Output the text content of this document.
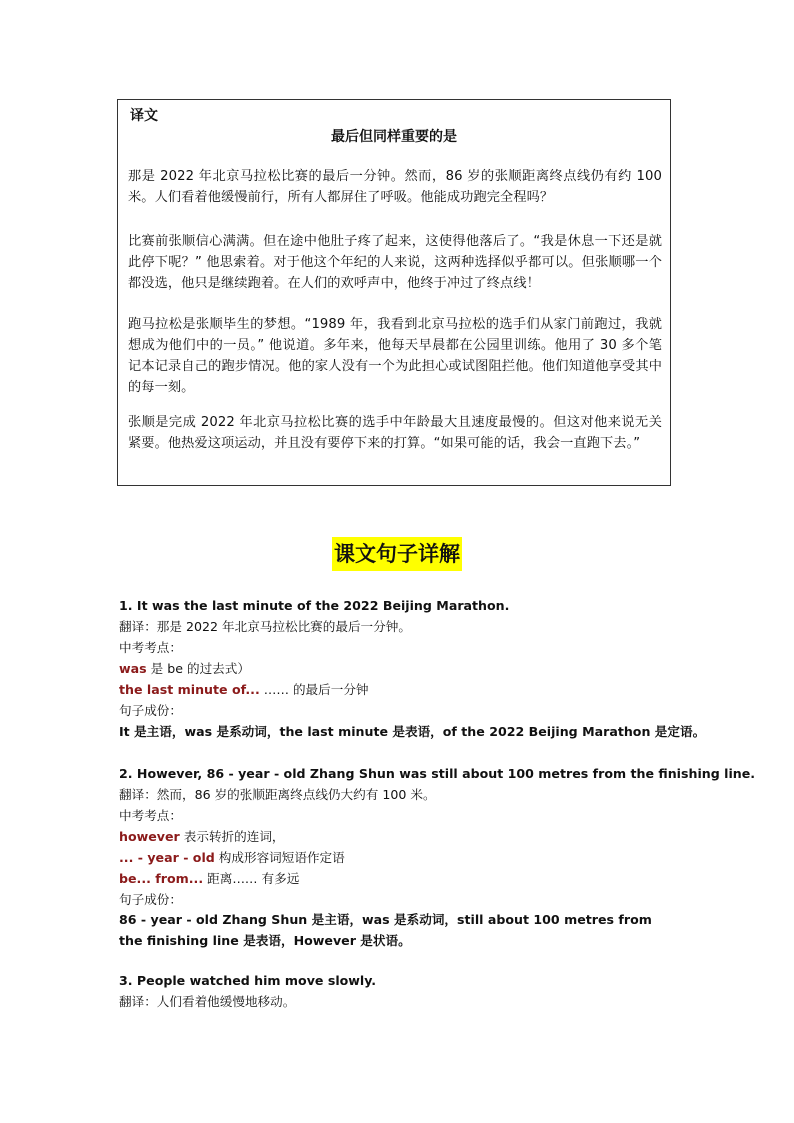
译文
最后但同样重要的是
那是 2022 年北京马拉松比赛的最后一分钟。然而，86 岁的张顺距离终点线仍有约 100 米。人们看着他缓慢前行，所有人都屏住了呼吸。他能成功跑完全程吗？
比赛前张顺信心满满。但在途中他肚子疼了起来，这使得他落后了。“我是休息一下还是就此停下呢？” 他思索着。对于他这个年纪的人来说，这两种选择似乎都可以。但张顺哪一个都没选，他只是继续跑着。在人们的欢呼声中，他终于冲过了终点线！
跑马拉松是张顺毕生的梦想。“1989 年，我看到北京马拉松的选手们从家门前跑过，我就想成为他们中的一员。” 他说道。多年来，他每天早晨都在公园里训练。他用了 30 多个笔记本记录自己的跑步情况。他的家人没有一个为此担心或试图阻拦他。他们知道他享受其中的每一刻。
张顺是完成 2022 年北京马拉松比赛的选手中年龄最大且速度最慢的。但这对他来说无关紧要。他热爱这项运动，并且没有要停下来的打算。“如果可能的话，我会一直跑下去。”
课文句子详解
1. It was the last minute of the 2022 Beijing Marathon.
翻译：那是 2022 年北京马拉松比赛的最后一分钟。
中考考点：
was 是 be 的过去式）
the last minute of... …… 的最后一分钟
句子成份：
It 是主语，was 是系动词，the last minute 是表语，of the 2022 Beijing Marathon 是定语。
2. However, 86 - year - old Zhang Shun was still about 100 metres from the finishing line.
翻译：然而，86 岁的张顺距离终点线仍大约有 100 米。
中考考点：
however 表示转折的连词，
... - year - old 构成形容词短语作定语
be... from... 距离…… 有多远
句子成份：
86 - year - old Zhang Shun 是主语，was 是系动词，still about 100 metres from the finishing line 是表语，However 是状语。
3. People watched him move slowly.
翻译：人们看着他缓慢地移动。
